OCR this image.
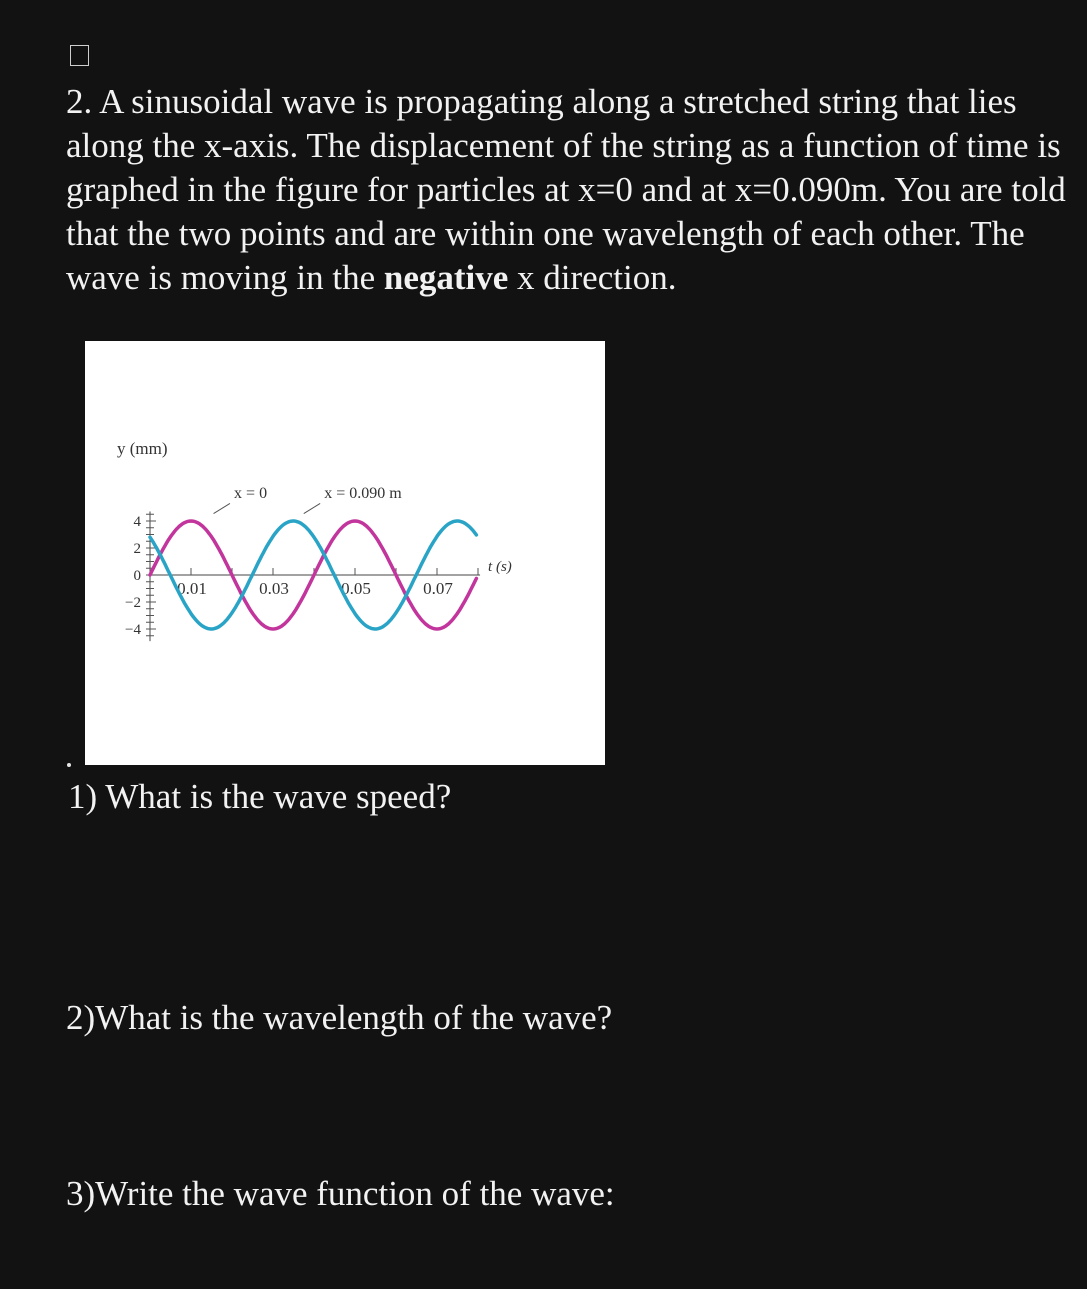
2. A sinusoidal wave is propagating along a stretched string that lies along the x-axis. The displacement of the string as a function of time is graphed in the figure for particles at x=0 and at x=0.090m. You are told that the two points and are within one wavelength of each other. The wave is moving in the negative x direction.

4
2
0
−2
−4
y (mm)
0.01	0.03	0.05	0.07
t (s)
x = 0	x = 0.090 m

1) What is the wave speed?

2)What is the wavelength of the wave?

3)Write the wave function of the wave:
